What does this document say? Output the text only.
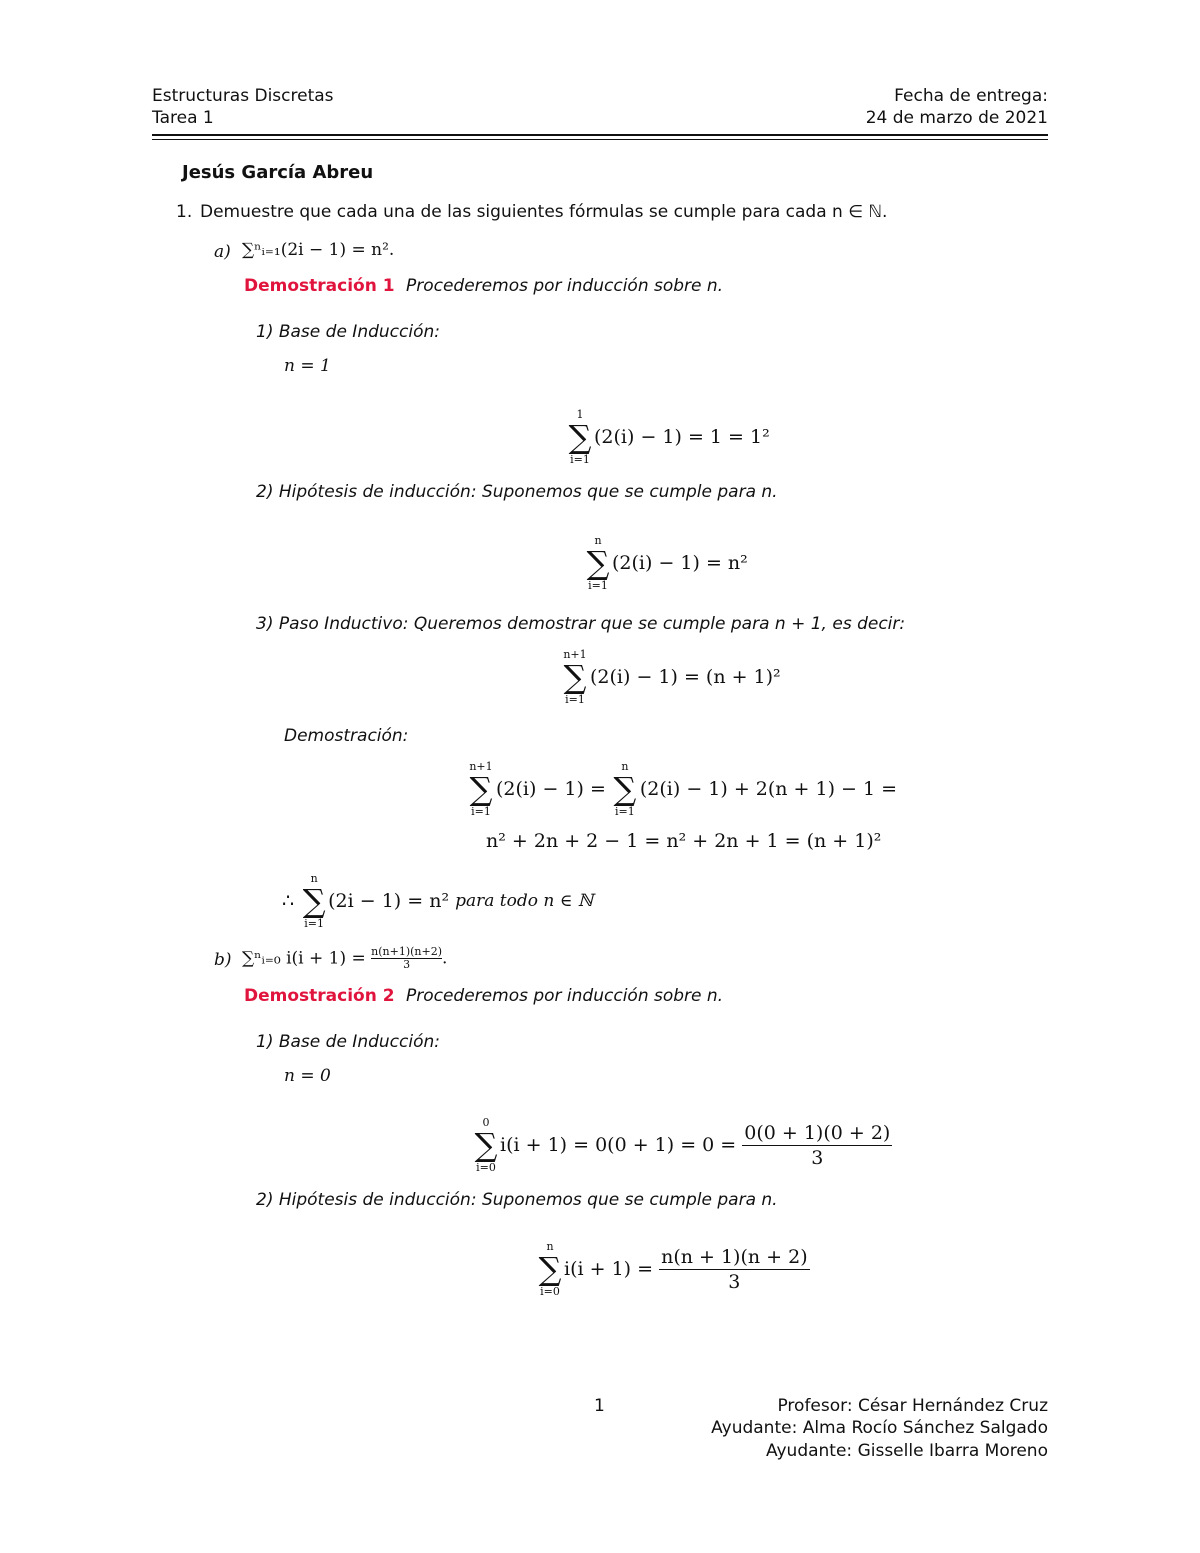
Estructuras Discretas
Tarea 1
Fecha de entrega:
24 de marzo de 2021
Jesús García Abreu
1. Demuestre que cada una de las siguientes fórmulas se cumple para cada n ∈ ℕ.
a) ∑ⁿᵢ₌₁(2i − 1) = n².
Demostración 1 Procederemos por inducción sobre n.
1) Base de Inducción:
n = 1
1
∑
i=1
(2(i) − 1) = 1 = 1²
2) Hipótesis de inducción: Suponemos que se cumple para n.
n
∑
i=1
(2(i) − 1) = n²
3) Paso Inductivo: Queremos demostrar que se cumple para n + 1, es decir:
n+1
∑
i=1
(2(i) − 1) = (n + 1)²
Demostración:
n+1
∑
i=1
(2(i) − 1) =
n
∑
i=1
(2(i) − 1) + 2(n + 1) − 1 =
n² + 2n + 2 − 1 = n² + 2n + 1 = (n + 1)²
∴
n
∑
i=1
(2i − 1) = n² para todo n ∈ ℕ
b) ∑ⁿᵢ₌₀ $i(i + 1) = \frac{n(n+1)(n+2)}{3}$.
Demostración 2 Procederemos por inducción sobre n.
1) Base de Inducción:
n = 0
0
∑
i=0
$i(i + 1) = 0(0 + 1) = 0 = \frac{0(0 + 1)(0 + 2)}{3}$
2) Hipótesis de inducción: Suponemos que se cumple para n.
n
∑
i=0
$i(i + 1) = \frac{n(n + 1)(n + 2)}{3}$
1	Profesor: César Hernández Cruz
Ayudante: Alma Rocío Sánchez Salgado
Ayudante: Gisselle Ibarra Moreno
